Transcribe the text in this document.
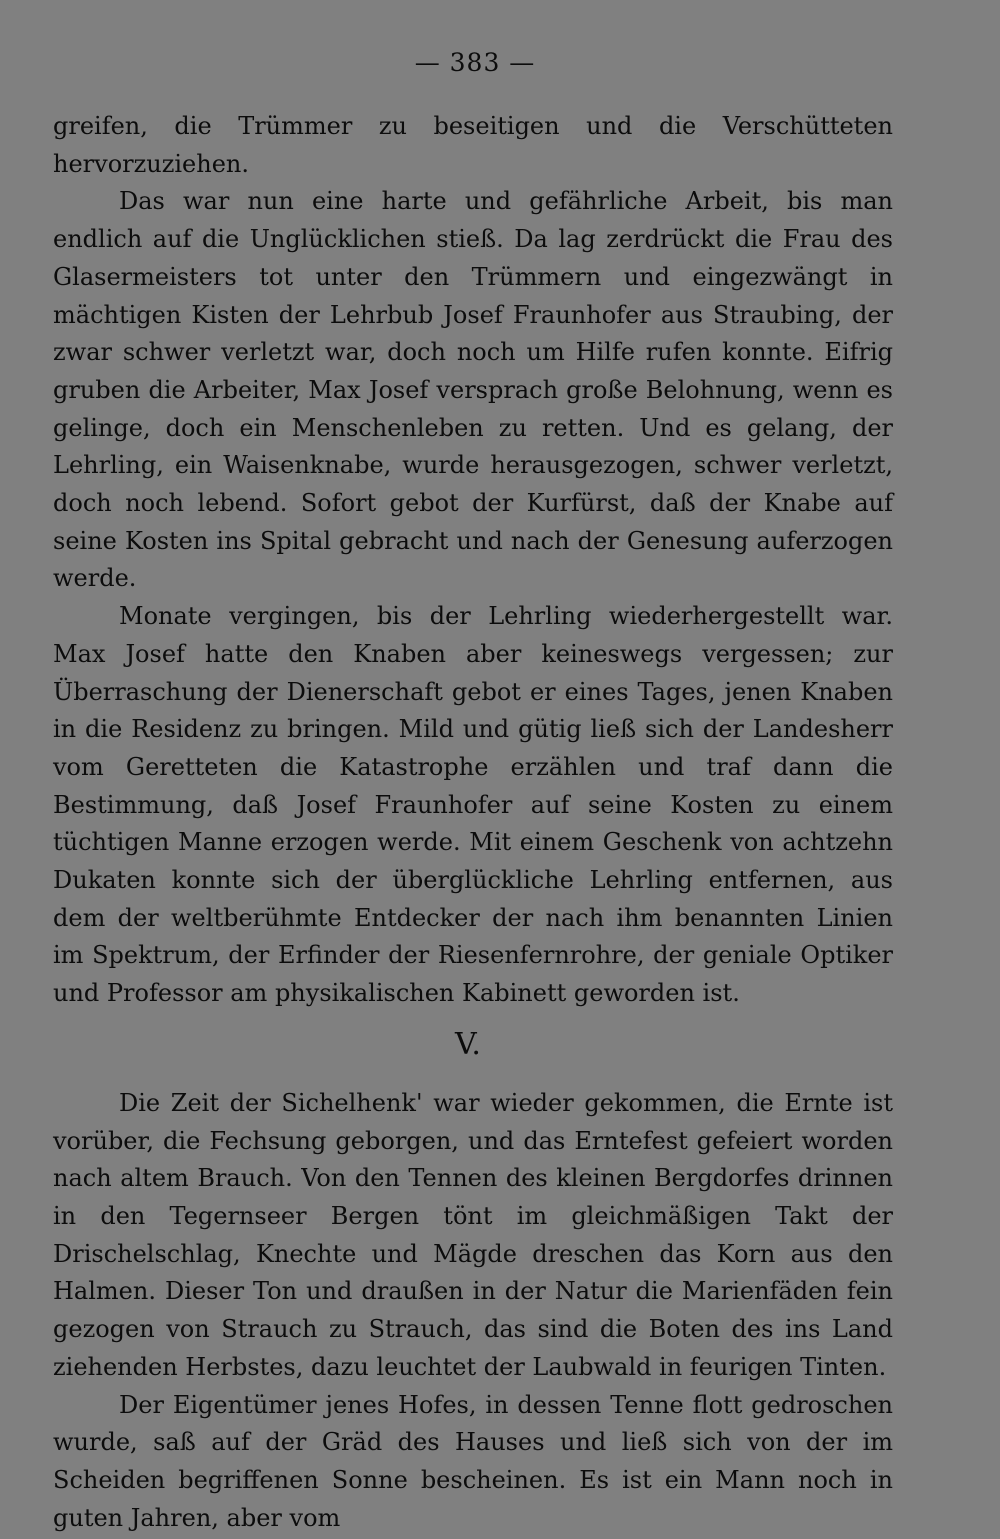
— 383 —

greifen, die Trümmer zu beseitigen und die Verschütteten hervorzuziehen.

Das war nun eine harte und gefährliche Arbeit, bis man endlich auf die Unglücklichen stieß. Da lag zerdrückt die Frau des Glasermeisters tot unter den Trümmern und eingezwängt in mächtigen Kisten der Lehrbub Josef Fraunhofer aus Straubing, der zwar schwer verletzt war, doch noch um Hilfe rufen konnte. Eifrig gruben die Arbeiter, Max Josef versprach große Belohnung, wenn es gelinge, doch ein Menschenleben zu retten. Und es gelang, der Lehrling, ein Waisenknabe, wurde herausgezogen, schwer verletzt, doch noch lebend. Sofort gebot der Kurfürst, daß der Knabe auf seine Kosten ins Spital gebracht und nach der Genesung auferzogen werde.

Monate vergingen, bis der Lehrling wiederhergestellt war. Max Josef hatte den Knaben aber keineswegs vergessen; zur Überraschung der Dienerschaft gebot er eines Tages, jenen Knaben in die Residenz zu bringen. Mild und gütig ließ sich der Landesherr vom Geretteten die Katastrophe erzählen und traf dann die Bestimmung, daß Josef Fraunhofer auf seine Kosten zu einem tüchtigen Manne erzogen werde. Mit einem Geschenk von achtzehn Dukaten konnte sich der überglückliche Lehrling entfernen, aus dem der weltberühmte Entdecker der nach ihm benannten Linien im Spektrum, der Erfinder der Riesenfernrohre, der geniale Optiker und Professor am physikalischen Kabinett geworden ist.

V.

Die Zeit der Sichelhenk' war wieder gekommen, die Ernte ist vorüber, die Fechsung geborgen, und das Erntefest gefeiert worden nach altem Brauch. Von den Tennen des kleinen Bergdorfes drinnen in den Tegernseer Bergen tönt im gleichmäßigen Takt der Drischelschlag, Knechte und Mägde dreschen das Korn aus den Halmen. Dieser Ton und draußen in der Natur die Marienfäden fein gezogen von Strauch zu Strauch, das sind die Boten des ins Land ziehenden Herbstes, dazu leuchtet der Laubwald in feurigen Tinten.

Der Eigentümer jenes Hofes, in dessen Tenne flott gedroschen wurde, saß auf der Gräd des Hauses und ließ sich von der im Scheiden begriffenen Sonne bescheinen. Es ist ein Mann noch in guten Jahren, aber vom
